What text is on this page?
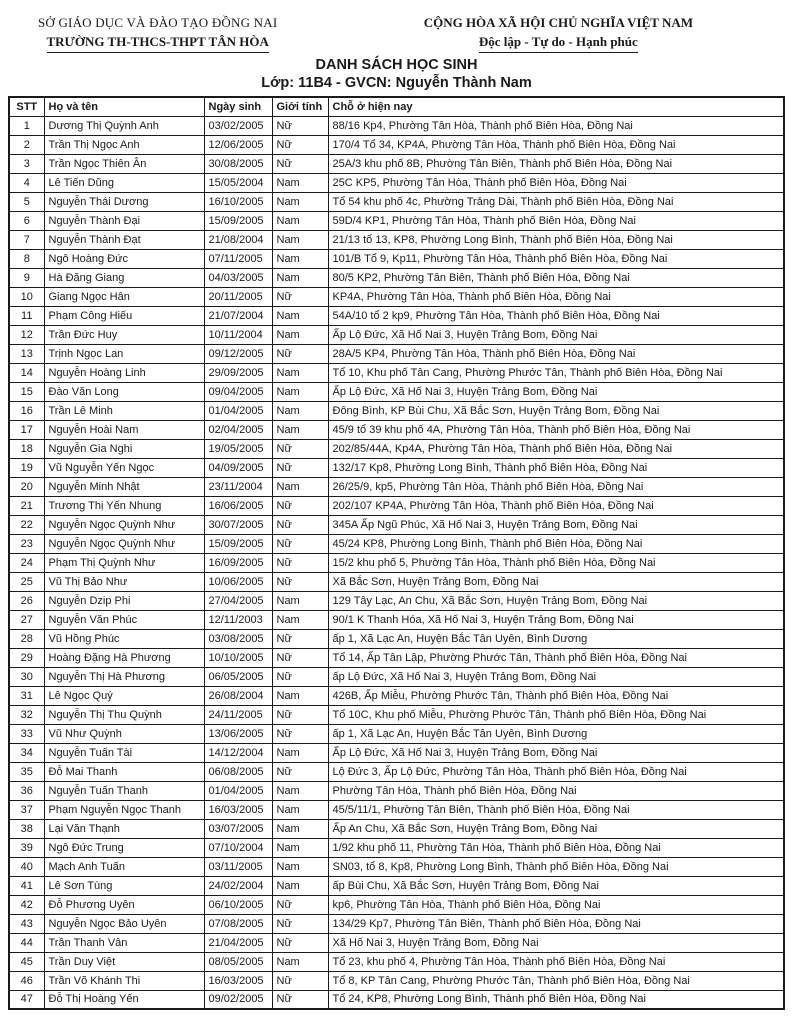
SỞ GIÁO DỤC VÀ ĐÀO TẠO ĐỒNG NAI
TRƯỜNG TH-THCS-THPT TÂN HÒA
CỘNG HÒA XÃ HỘI CHỦ NGHĨA VIỆT NAM
Độc lập - Tự do - Hạnh phúc
DANH SÁCH HỌC SINH
Lớp: 11B4 - GVCN: Nguyễn Thành Nam
STT	Họ và tên	Ngày sinh	Giới tính	Chỗ ở hiện nay
1	Dương Thị Quỳnh Anh	03/02/2005	Nữ	88/16 Kp4, Phường Tân Hòa, Thành phố Biên Hòa, Đồng Nai
2	Trần Thị Ngọc Anh	12/06/2005	Nữ	170/4 Tổ 34, KP4A, Phường Tân Hòa, Thành phố Biên Hòa, Đồng Nai
3	Trần Ngọc Thiên Ân	30/08/2005	Nữ	25A/3 khu phố 8B, Phường Tân Biên, Thành phố Biên Hòa, Đồng Nai
4	Lê Tiến Dũng	15/05/2004	Nam	25C KP5, Phường Tân Hòa, Thành phố Biên Hòa, Đồng Nai
5	Nguyễn Thái Dương	16/10/2005	Nam	Tổ 54 khu phố 4c, Phường Trảng Dài, Thành phố Biên Hòa, Đồng Nai
6	Nguyễn Thành Đại	15/09/2005	Nam	59D/4 KP1, Phường Tân Hòa, Thành phố Biên Hòa, Đồng Nai
7	Nguyễn Thành Đạt	21/08/2004	Nam	21/13 tổ 13, KP8, Phường Long Bình, Thành phố Biên Hòa, Đồng Nai
8	Ngô Hoàng Đức	07/11/2005	Nam	101/B Tổ 9, Kp11, Phường Tân Hòa, Thành phố Biên Hòa, Đồng Nai
9	Hà Đăng Giang	04/03/2005	Nam	80/5 KP2, Phường Tân Biên, Thành phố Biên Hòa, Đồng Nai
10	Giang Ngọc Hân	20/11/2005	Nữ	KP4A, Phường Tân Hòa, Thành phố Biên Hòa, Đồng Nai
11	Phạm Công Hiếu	21/07/2004	Nam	54A/10 tổ 2 kp9, Phường Tân Hòa, Thành phố Biên Hòa, Đồng Nai
12	Trần Đức Huy	10/11/2004	Nam	Ấp Lộ Đức, Xã Hố Nai 3, Huyện Trảng Bom, Đồng Nai
13	Trịnh Ngọc Lan	09/12/2005	Nữ	28A/5 KP4, Phường Tân Hòa, Thành phố Biên Hòa, Đồng Nai
14	Nguyễn Hoàng Linh	29/09/2005	Nam	Tổ 10, Khu phố Tân Cang, Phường Phước Tân, Thành phố Biên Hòa, Đồng Nai
15	Đào Văn Long	09/04/2005	Nam	Ấp Lộ Đức, Xã Hố Nai 3, Huyện Trảng Bom, Đồng Nai
16	Trần Lê Minh	01/04/2005	Nam	Đông Bình, KP Bùi Chu, Xã Bắc Sơn, Huyện Trảng Bom, Đồng Nai
17	Nguyễn Hoài Nam	02/04/2005	Nam	45/9 tổ 39 khu phố 4A, Phường Tân Hòa, Thành phố Biên Hòa, Đồng Nai
18	Nguyễn Gia Nghi	19/05/2005	Nữ	202/85/44A, Kp4A, Phường Tân Hòa, Thành phố Biên Hòa, Đồng Nai
19	Vũ Nguyễn Yến Ngọc	04/09/2005	Nữ	132/17 Kp8, Phường Long Bình, Thành phố Biên Hòa, Đồng Nai
20	Nguyễn Minh Nhật	23/11/2004	Nam	26/25/9, kp5, Phường Tân Hòa, Thành phố Biên Hòa, Đồng Nai
21	Trương Thị Yến Nhung	16/06/2005	Nữ	202/107 KP4A, Phường Tân Hòa, Thành phố Biên Hòa, Đồng Nai
22	Nguyễn Ngọc Quỳnh Như	30/07/2005	Nữ	345A Ấp Ngũ Phúc, Xã Hố Nai 3, Huyện Trảng Bom, Đồng Nai
23	Nguyễn Ngọc Quỳnh Như	15/09/2005	Nữ	45/24 KP8, Phường Long Bình, Thành phố Biên Hòa, Đồng Nai
24	Phạm Thị Quỳnh Như	16/09/2005	Nữ	15/2 khu phố 5, Phường Tân Hòa, Thành phố Biên Hòa, Đồng Nai
25	Vũ Thị Bảo Như	10/06/2005	Nữ	Xã Bắc Sơn, Huyện Trảng Bom, Đồng Nai
26	Nguyễn Dzip Phi	27/04/2005	Nam	129 Tây Lạc, An Chu, Xã Bắc Sơn, Huyện Trảng Bom, Đồng Nai
27	Nguyễn Văn Phúc	12/11/2003	Nam	90/1 K Thanh Hóa, Xã Hố Nai 3, Huyện Trảng Bom, Đồng Nai
28	Vũ Hồng Phúc	03/08/2005	Nữ	ấp 1, Xã Lạc An, Huyện Bắc Tân Uyên, Bình Dương
29	Hoàng Đặng Hà Phương	10/10/2005	Nữ	Tổ 14, Ấp Tân Lập, Phường Phước Tân, Thành phố Biên Hòa, Đồng Nai
30	Nguyễn Thị Hà Phương	06/05/2005	Nữ	ấp Lộ Đức, Xã Hố Nai 3, Huyện Trảng Bom, Đồng Nai
31	Lê Ngọc Quý	26/08/2004	Nam	426B, Ấp Miễu, Phường Phước Tân, Thành phố Biên Hòa, Đồng Nai
32	Nguyễn Thị Thu Quỳnh	24/11/2005	Nữ	Tổ 10C, Khu phố Miễu, Phường Phước Tân, Thành phố Biên Hòa, Đồng Nai
33	Vũ Như Quỳnh	13/06/2005	Nữ	ấp 1, Xã Lạc An, Huyện Bắc Tân Uyên, Bình Dương
34	Nguyễn Tuấn Tài	14/12/2004	Nam	Ấp Lộ Đức, Xã Hố Nai 3, Huyện Trảng Bom, Đồng Nai
35	Đỗ Mai Thanh	06/08/2005	Nữ	Lộ Đức 3, Ấp Lộ Đức, Phường Tân Hòa, Thành phố Biên Hòa, Đồng Nai
36	Nguyễn Tuấn Thanh	01/04/2005	Nam	Phường Tân Hòa, Thành phố Biên Hòa, Đồng Nai
37	Phạm Nguyễn Ngọc Thanh	16/03/2005	Nam	45/5/11/1, Phường Tân Biên, Thành phố Biên Hòa, Đồng Nai
38	Lại Văn Thạnh	03/07/2005	Nam	Ấp An Chu, Xã Bắc Sơn, Huyện Trảng Bom, Đồng Nai
39	Ngô Đức Trung	07/10/2004	Nam	1/92 khu phố 11, Phường Tân Hòa, Thành phố Biên Hòa, Đồng Nai
40	Mạch Anh Tuấn	03/11/2005	Nam	SN03, tổ 8, Kp8, Phường Long Bình, Thành phố Biên Hòa, Đồng Nai
41	Lê Sơn Tùng	24/02/2004	Nam	ấp Bùi Chu, Xã Bắc Sơn, Huyện Trảng Bom, Đồng Nai
42	Đỗ Phương Uyên	06/10/2005	Nữ	kp6, Phường Tân Hòa, Thành phố Biên Hòa, Đồng Nai
43	Nguyễn Ngọc Bảo Uyên	07/08/2005	Nữ	134/29 Kp7, Phường Tân Biên, Thành phố Biên Hòa, Đồng Nai
44	Trần Thanh Vân	21/04/2005	Nữ	Xã Hố Nai 3, Huyện Trảng Bom, Đồng Nai
45	Trần Duy Việt	08/05/2005	Nam	Tổ 23, khu phố 4, Phường Tân Hòa, Thành phố Biên Hòa, Đồng Nai
46	Trần Võ Khánh Thi	16/03/2005	Nữ	Tổ 8, KP Tân Cang, Phường Phước Tân, Thành phố Biên Hòa, Đồng Nai
47	Đỗ Thị Hoàng Yến	09/02/2005	Nữ	Tổ 24, KP8, Phường Long Bình, Thành phố Biên Hòa, Đồng Nai
